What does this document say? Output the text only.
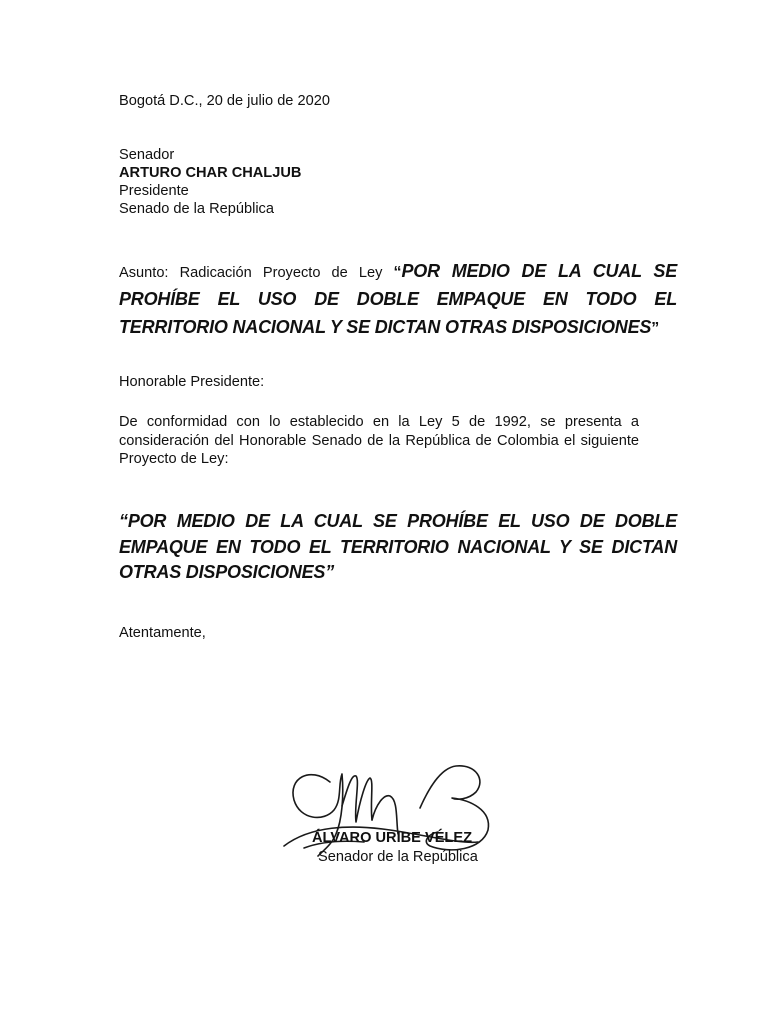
Bogotá D.C., 20 de julio de 2020
Senador
ARTURO CHAR CHALJUB
Presidente
Senado de la República
Asunto: Radicación Proyecto de Ley “POR MEDIO DE LA CUAL SE PROHÍBE EL USO DE DOBLE EMPAQUE EN TODO EL TERRITORIO NACIONAL Y SE DICTAN OTRAS DISPOSICIONES”
Honorable Presidente:
De conformidad con lo establecido en la Ley 5 de 1992, se presenta a consideración del Honorable Senado de la República de Colombia el siguiente Proyecto de Ley:
“POR MEDIO DE LA CUAL SE PROHÍBE EL USO DE DOBLE EMPAQUE EN TODO EL TERRITORIO NACIONAL Y SE DICTAN OTRAS DISPOSICIONES”
Atentamente,
ÁLVARO URIBE VÉLEZ
Senador de la República
